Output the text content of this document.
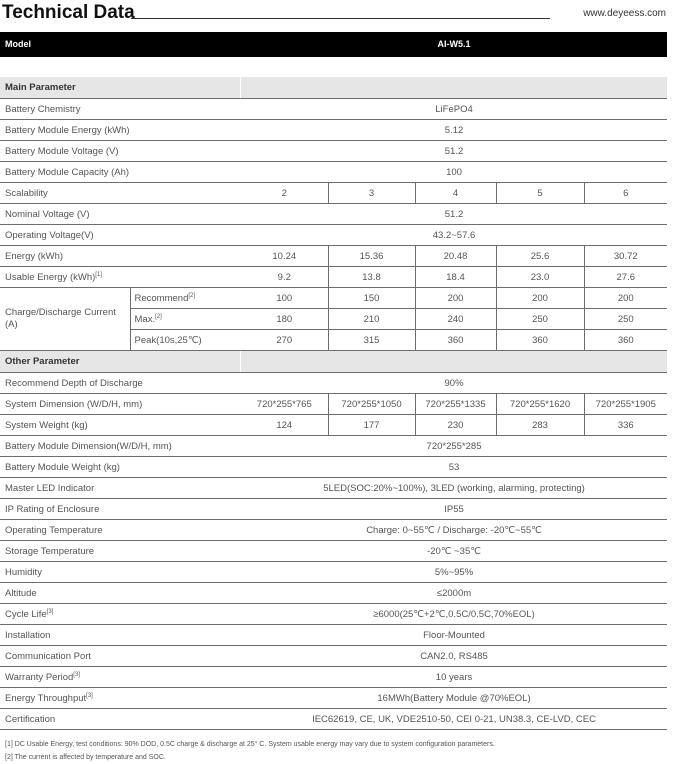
Technical Data	www.deyeess.com
Model	AI-W5.1
Main Parameter						
Battery Chemistry		LiFePO4				
Battery Module Energy (kWh)		5.12				
Battery Module Voltage (V)		51.2				
Battery Module Capacity (Ah)		100				
Scalability		2	3	4	5	6
Nominal Voltage (V)		51.2				
Operating Voltage(V)		43.2~57.6				
Energy (kWh)		10.24	15.36	20.48	25.6	30.72
Usable Energy (kWh)[1]		9.2	13.8	18.4	23.0	27.6
Charge/Discharge Current (A)	Recommend[2]		100	150	200	200	200
	Max.[2]		180	210	240	250	250
	Peak(10s,25℃)		270	315	360	360	360
Other Parameter						
Recommend Depth of Discharge		90%				
System Dimension (W/D/H, mm)		720*255*765	720*255*1050	720*255*1335	720*255*1620	720*255*1905
System Weight (kg)		124	177	230	283	336
Battery Module Dimension(W/D/H, mm)		720*255*285				
Battery Module Weight (kg)		53				
Master LED Indicator		5LED(SOC:20%~100%), 3LED (working, alarming, protecting)				
IP Rating of Enclosure		IP55				
Operating Temperature		Charge: 0~55℃ / Discharge: -20℃~55℃				
Storage Temperature		-20℃ ~35℃				
Humidity		5%~95%				
Altitude		≤2000m				
Cycle Life[3]		≥6000(25℃+2℃,0.5C/0.5C,70%EOL)				
Installation		Floor-Mounted				
Communication Port		CAN2.0, RS485				
Warranty Period[3]		10 years				
Energy Throughput[3]		16MWh(Battery Module @70%EOL)				
Certification		IEC62619, CE, UK, VDE2510-50, CEI 0-21, UN38.3, CE-LVD, CEC				
[1] DC Usable Energy, test conditions: 90% DOD, 0.5C charge & discharge at 25° C. System usable energy may vary due to system configuration parameters.
[2] The current is affected by temperature and SOC.
